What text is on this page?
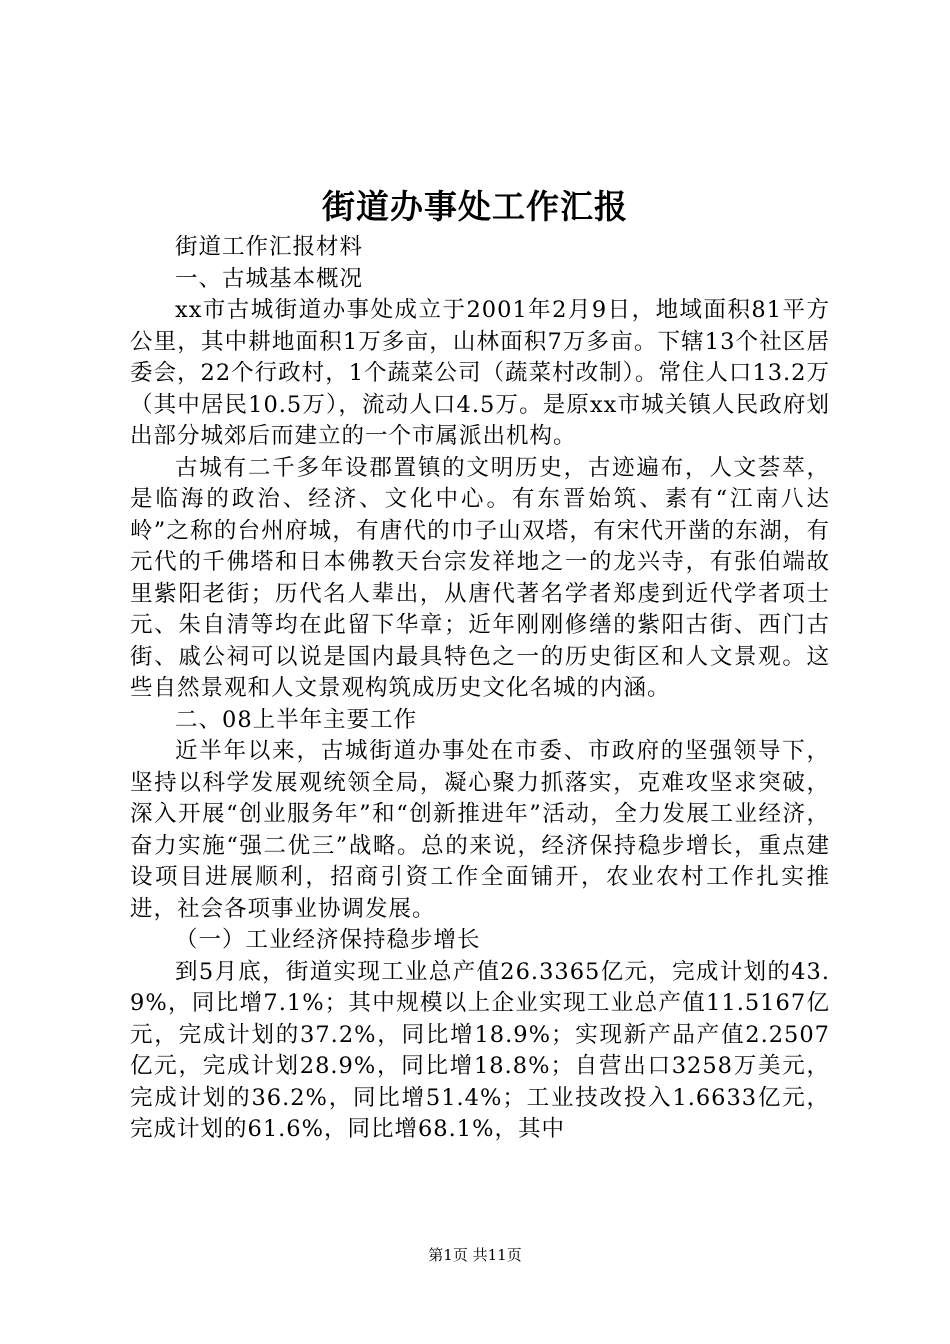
街道办事处工作汇报

街道工作汇报材料

一、古城基本概况

xx市古城街道办事处成立于2001年2月9日，地域面积81平方公里，其中耕地面积1万多亩，山林面积7万多亩。下辖13个社区居委会，22个行政村，1个蔬菜公司（蔬菜村改制）。常住人口13.2万（其中居民10.5万），流动人口4.5万。是原xx市城关镇人民政府划出部分城郊后而建立的一个市属派出机构。

古城有二千多年设郡置镇的文明历史，古迹遍布，人文荟萃，是临海的政治、经济、文化中心。有东晋始筑、素有“江南八达岭”之称的台州府城，有唐代的巾子山双塔，有宋代开凿的东湖，有元代的千佛塔和日本佛教天台宗发祥地之一的龙兴寺，有张伯端故里紫阳老街；历代名人辈出，从唐代著名学者郑虔到近代学者项士元、朱自清等均在此留下华章；近年刚刚修缮的紫阳古街、西门古街、戚公祠可以说是国内最具特色之一的历史街区和人文景观。这些自然景观和人文景观构筑成历史文化名城的内涵。

二、08上半年主要工作

近半年以来，古城街道办事处在市委、市政府的坚强领导下，坚持以科学发展观统领全局，凝心聚力抓落实，克难攻坚求突破，深入开展“创业服务年”和“创新推进年”活动，全力发展工业经济，奋力实施“强二优三”战略。总的来说，经济保持稳步增长，重点建设项目进展顺利，招商引资工作全面铺开，农业农村工作扎实推进，社会各项事业协调发展。

（一）工业经济保持稳步增长

到5月底，街道实现工业总产值26.3365亿元，完成计划的43.9%，同比增7.1%；其中规模以上企业实现工业总产值11.5167亿元，完成计划的37.2%，同比增18.9%；实现新产品产值2.2507亿元，完成计划28.9%，同比增18.8%；自营出口3258万美元，完成计划的36.2%，同比增51.4%；工业技改投入1.6633亿元，完成计划的61.6%，同比增68.1%，其中

第1页 共11页
